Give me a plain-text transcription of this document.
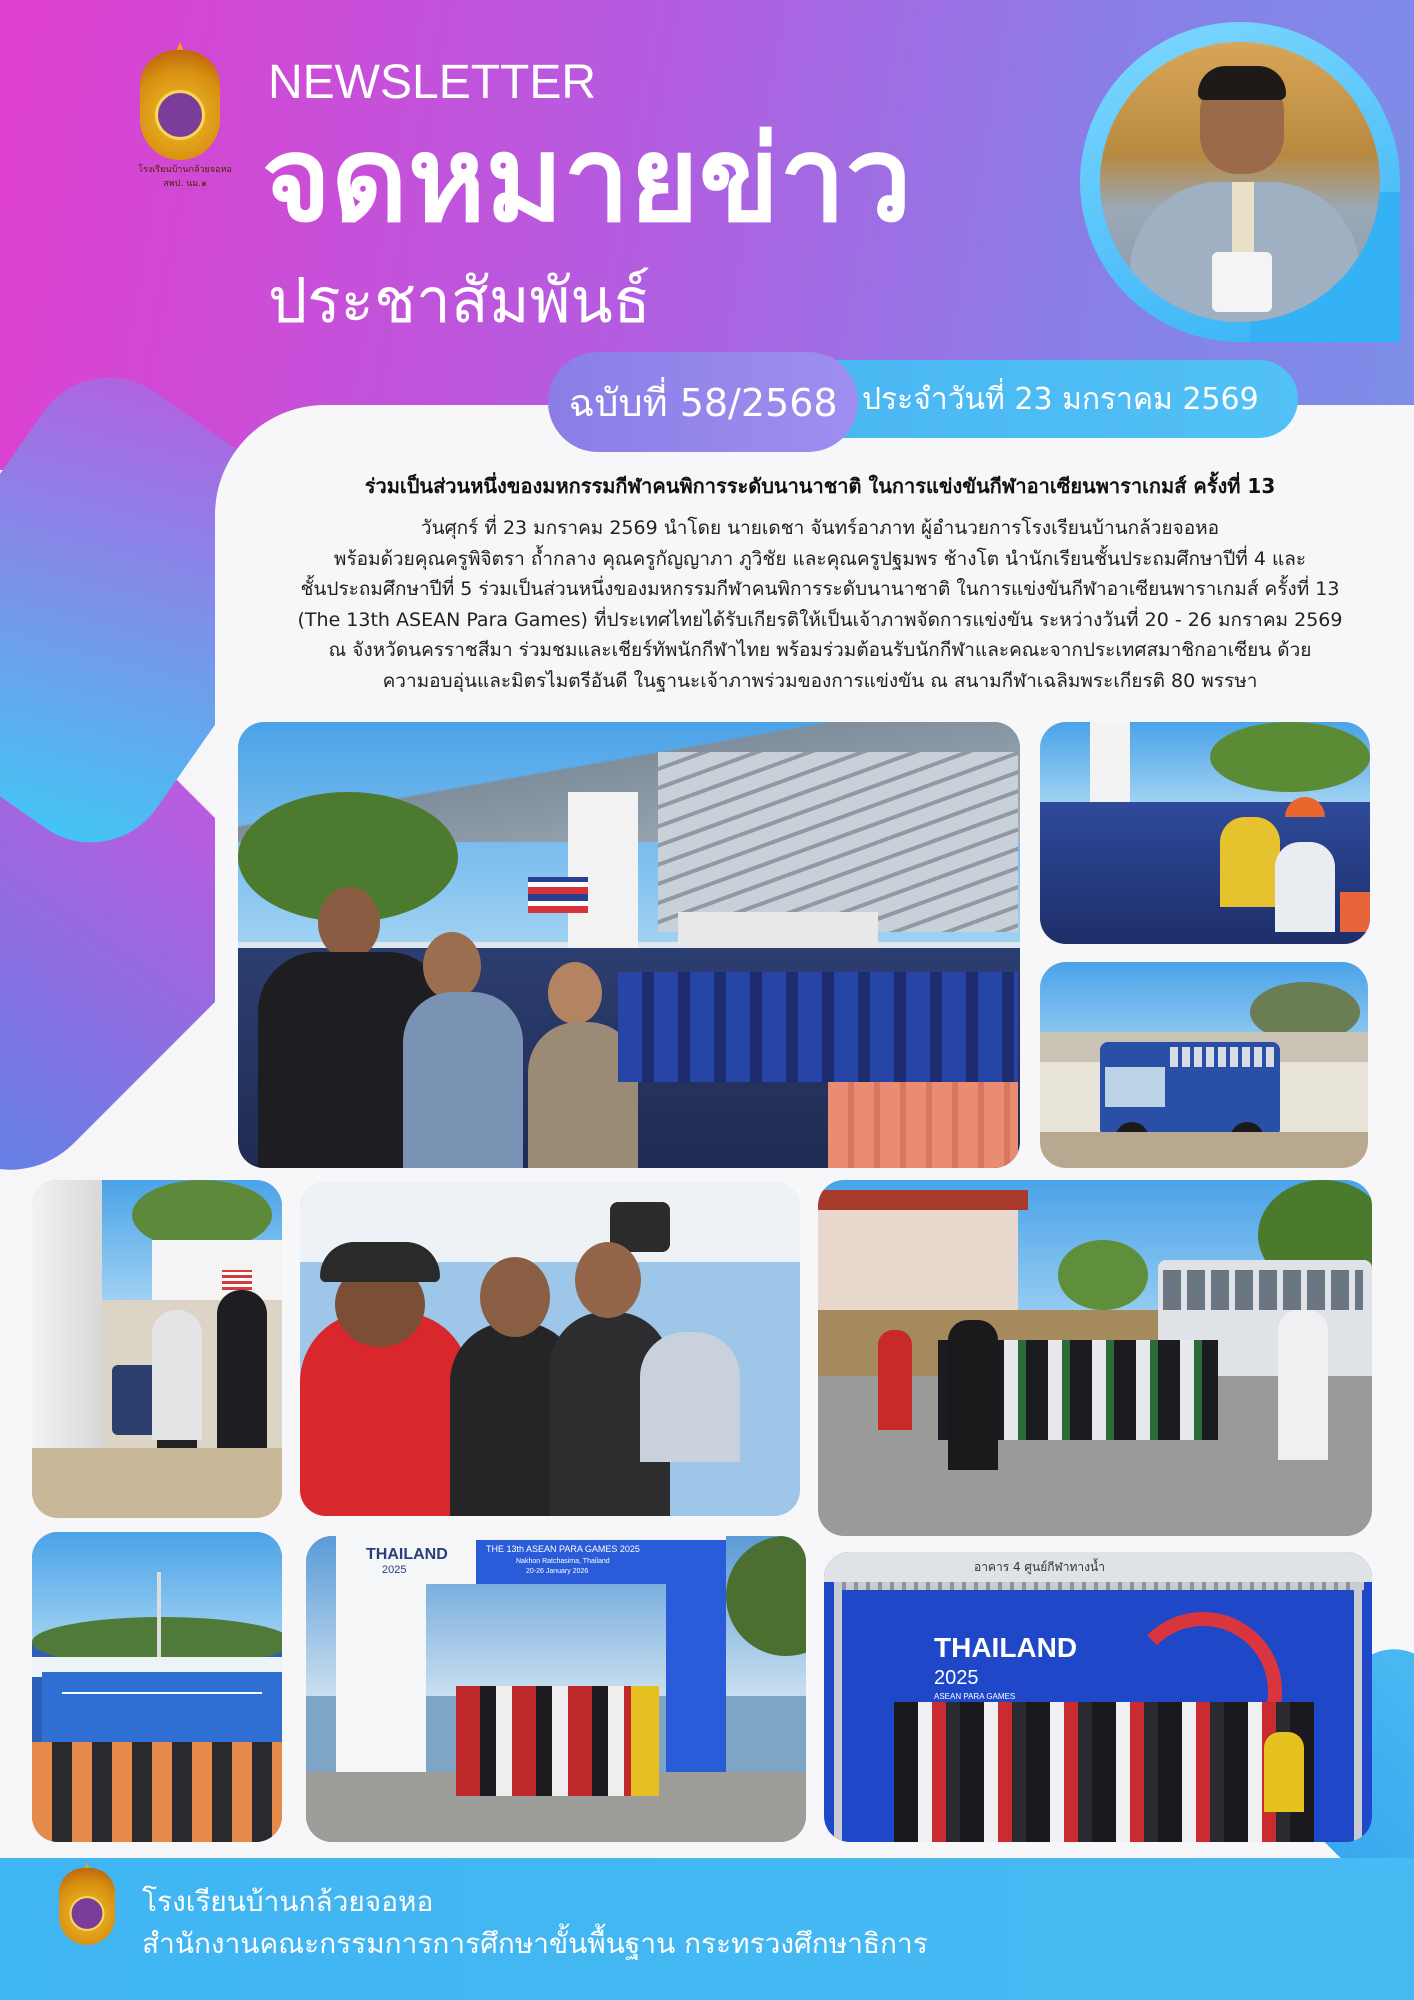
โรงเรียนบ้านกล้วยจอหอ สพป. นม.๑
NEWSLETTER
จดหมายข่าว
ประชาสัมพันธ์
ฉบับที่ 58/2568 ประจำวันที่ 23 มกราคม 2569
ร่วมเป็นส่วนหนึ่งของมหกรรมกีฬาคนพิการระดับนานาชาติ ในการแข่งขันกีฬาอาเซียนพาราเกมส์ ครั้งที่ 13
วันศุกร์ ที่ 23 มกราคม 2569 นำโดย นายเดชา จันทร์อาภาท ผู้อำนวยการโรงเรียนบ้านกล้วยจอหอ
พร้อมด้วยคุณครูพิจิตรา ถ้ำกลาง คุณครูกัญญาภา ภูวิชัย และคุณครูปฐมพร ช้างโต นำนักเรียนชั้นประถมศึกษาปีที่ 4 และ
ชั้นประถมศึกษาปีที่ 5 ร่วมเป็นส่วนหนึ่งของมหกรรมกีฬาคนพิการระดับนานาชาติ ในการแข่งขันกีฬาอาเซียนพาราเกมส์ ครั้งที่ 13
(The 13th ASEAN Para Games) ที่ประเทศไทยได้รับเกียรติให้เป็นเจ้าภาพจัดการแข่งขัน ระหว่างวันที่ 20 - 26 มกราคม 2569
ณ จังหวัดนครราชสีมา ร่วมชมและเชียร์ทัพนักกีฬาไทย พร้อมร่วมต้อนรับนักกีฬาและคณะจากประเทศสมาชิกอาเซียน ด้วย
ความอบอุ่นและมิตรไมตรีอันดี ในฐานะเจ้าภาพร่วมของการแข่งขัน ณ สนามกีฬาเฉลิมพระเกียรติ 80 พรรษา
THAILAND
2025
THE 13th ASEAN PARA GAMES 2025
Nakhon Ratchasima, Thailand
20-26 January 2026	อาคาร 4 ศูนย์กีฬาทางน้ำ
THAILAND
2025
ASEAN PARA GAMES
โรงเรียนบ้านกล้วยจอหอ
สำนักงานคณะกรรมการการศึกษาขั้นพื้นฐาน กระทรวงศึกษาธิการ
